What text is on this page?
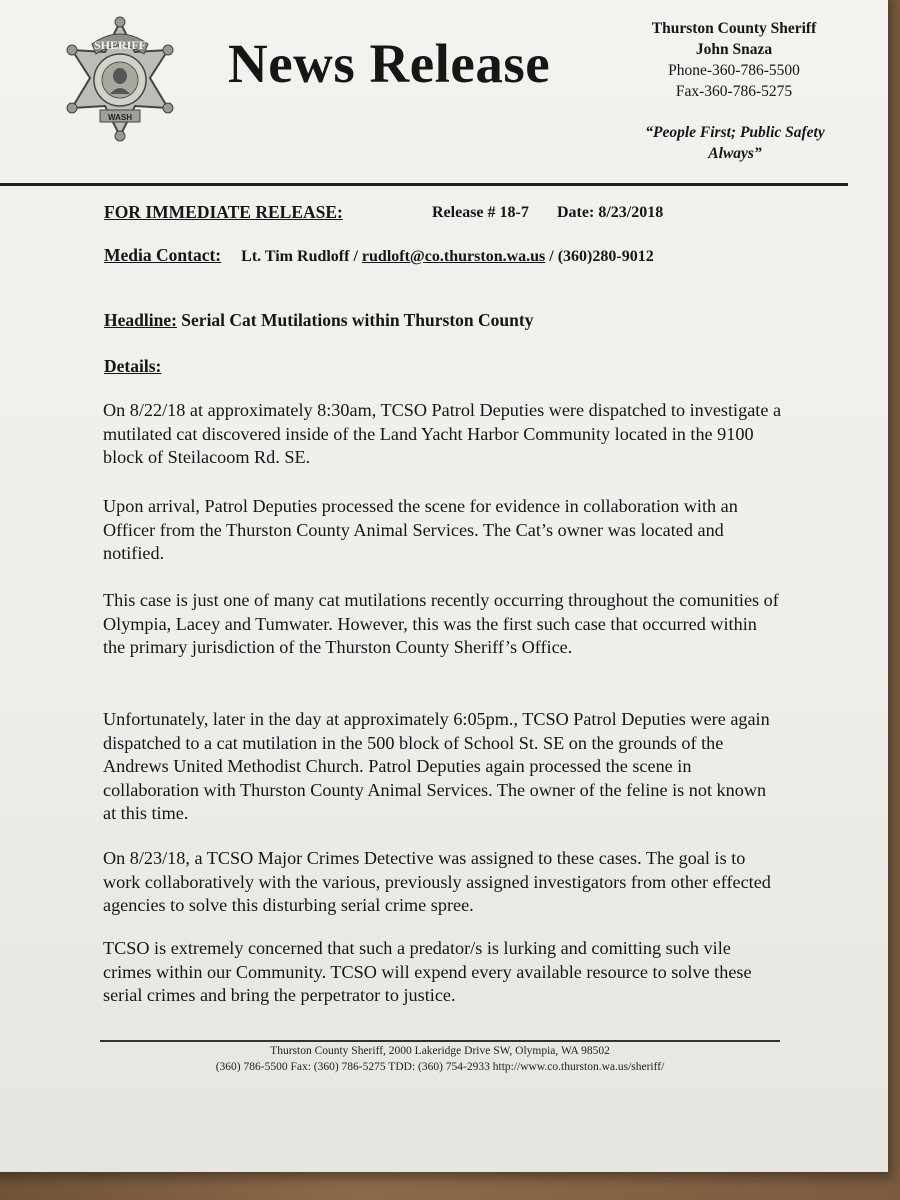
SHERIFF
WASH
News Release
Thurston County Sheriff
John Snaza
Phone-360-786-5500
Fax-360-786-5275
“People First; Public Safety
Always”
FOR IMMEDIATE RELEASE:	Release # 18-7 Date: 8/23/2018
Media Contact: Lt. Tim Rudloff / rudloft@co.thurston.wa.us / (360)280-9012
Headline: Serial Cat Mutilations within Thurston County
Details:

On 8/22/18 at approximately 8:30am, TCSO Patrol Deputies were dispatched to investigate a mutilated cat discovered inside of the Land Yacht Harbor Community located in the 9100 block of Steilacoom Rd. SE.

Upon arrival, Patrol Deputies processed the scene for evidence in collaboration with an Officer from the Thurston County Animal Services. The Cat’s owner was located and notified.

This case is just one of many cat mutilations recently occurring throughout the comunities of Olympia, Lacey and Tumwater. However, this was the first such case that occurred within the primary jurisdiction of the Thurston County Sheriff’s Office.

Unfortunately, later in the day at approximately 6:05pm., TCSO Patrol Deputies were again dispatched to a cat mutilation in the 500 block of School St. SE on the grounds of the Andrews United Methodist Church. Patrol Deputies again processed the scene in collaboration with Thurston County Animal Services. The owner of the feline is not known at this time.

On 8/23/18, a TCSO Major Crimes Detective was assigned to these cases. The goal is to work collaboratively with the various, previously assigned investigators from other effected agencies to solve this disturbing serial crime spree.

TCSO is extremely concerned that such a predator/s is lurking and comitting such vile crimes within our Community. TCSO will expend every available resource to solve these serial crimes and bring the perpetrator to justice.

Thurston County Sheriff, 2000 Lakeridge Drive SW, Olympia, WA 98502
(360) 786-5500 Fax: (360) 786-5275 TDD: (360) 754-2933 http://www.co.thurston.wa.us/sheriff/
